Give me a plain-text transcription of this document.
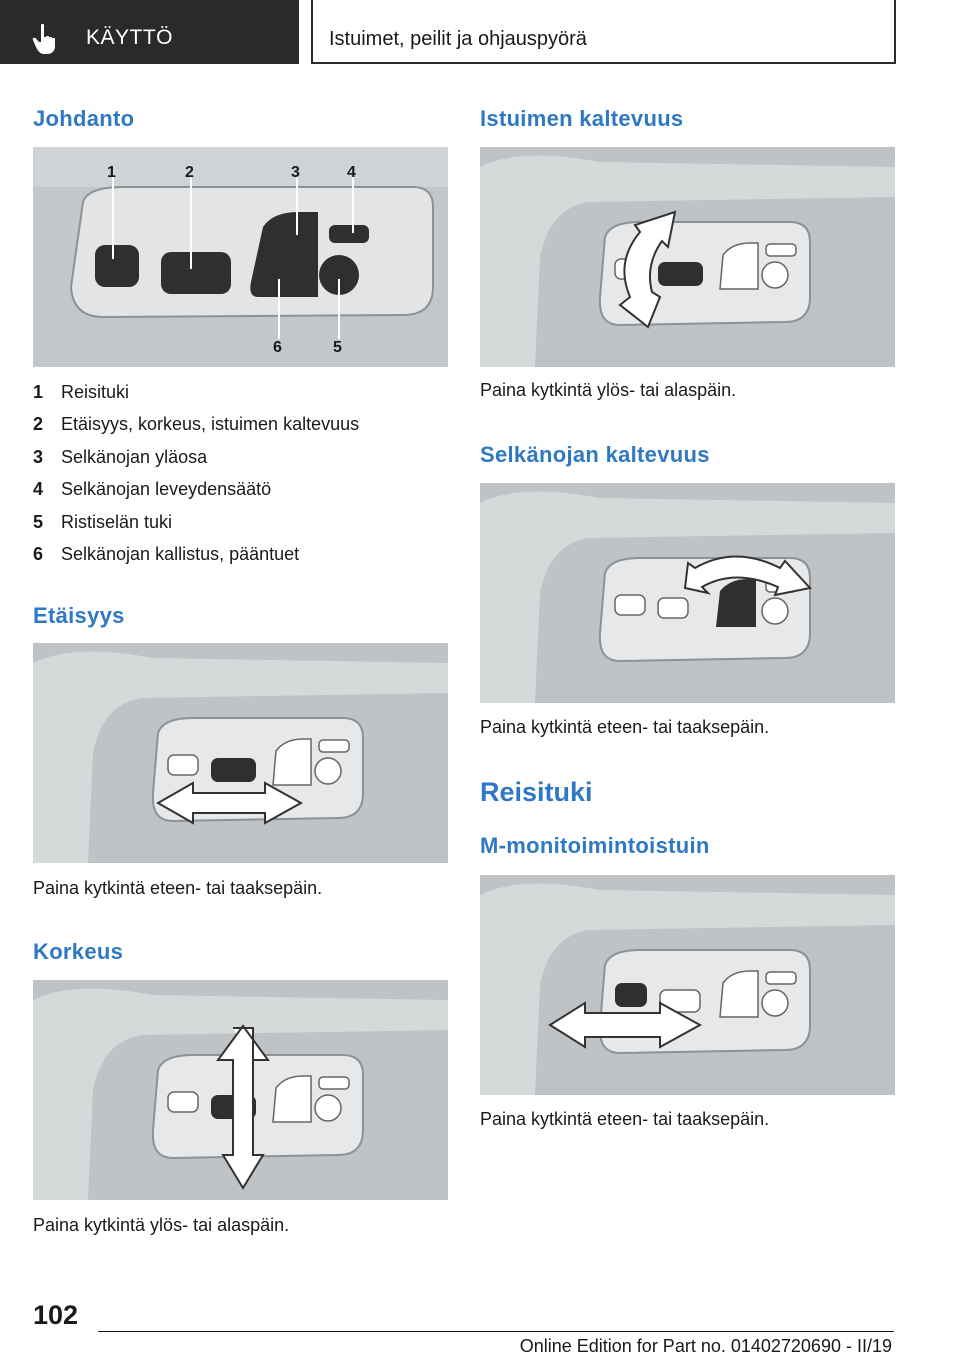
KÄYTTÖ	Istuimet, peilit ja ohjauspyörä
Johdanto
1	2	3	4
6	5
1 Reisituki
2 Etäisyys, korkeus, istuimen kaltevuus
3 Selkänojan yläosa
4 Selkänojan leveydensäätö
5 Ristiselän tuki
6 Selkänojan kallistus, pääntuet
Etäisyys
Paina kytkintä eteen- tai taaksepäin.
Korkeus
Paina kytkintä ylös- tai alaspäin.
Istuimen kaltevuus
Paina kytkintä ylös- tai alaspäin.
Selkänojan kaltevuus
Paina kytkintä eteen- tai taaksepäin.
Reisituki
M-monitoimintoistuin
Paina kytkintä eteen- tai taaksepäin.
102
Online Edition for Part no. 01402720690 - II/19
